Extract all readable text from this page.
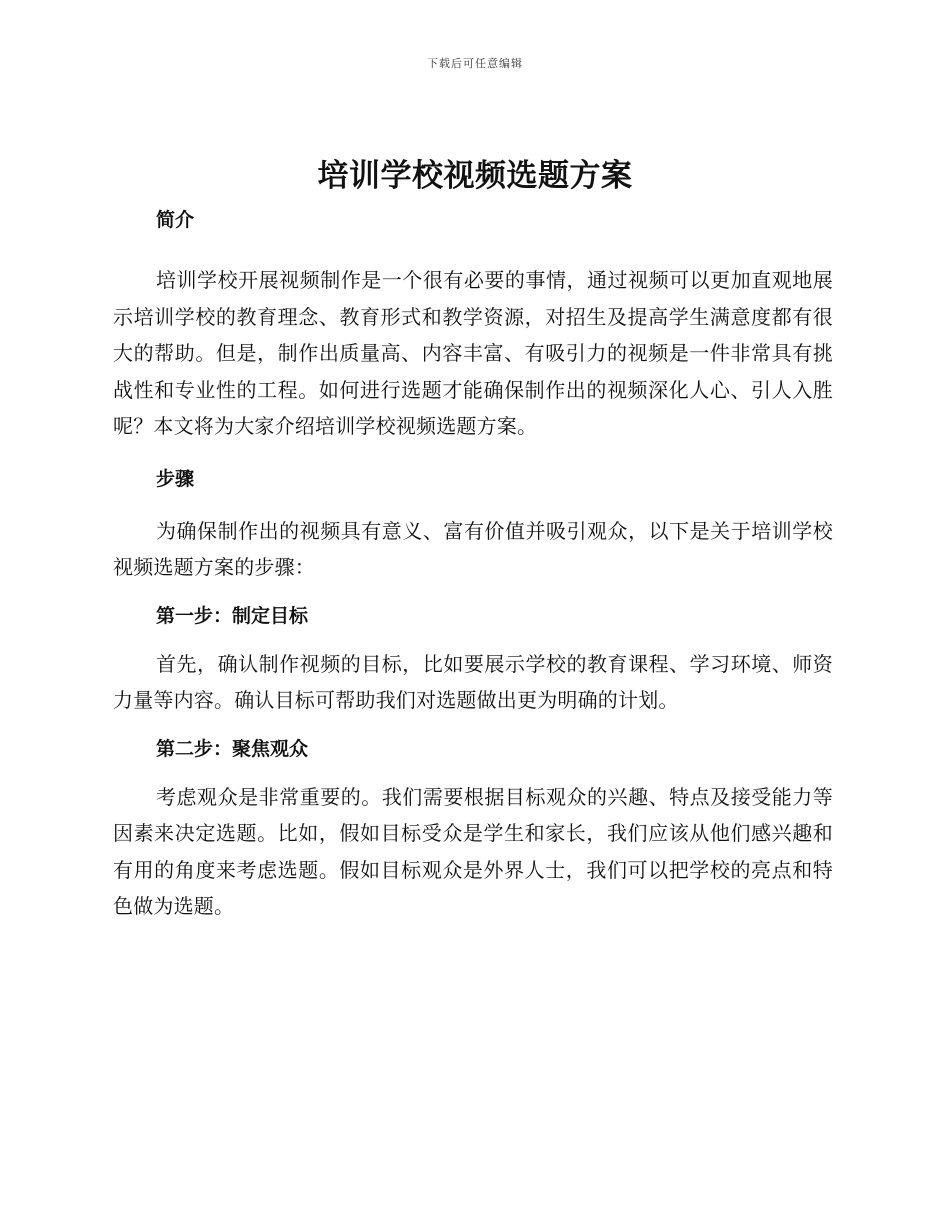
下载后可任意编辑
培训学校视频选题方案

简介

培训学校开展视频制作是一个很有必要的事情，通过视频可以更加直观地展示培训学校的教育理念、教育形式和教学资源，对招生及提高学生满意度都有很大的帮助。但是，制作出质量高、内容丰富、有吸引力的视频是一件非常具有挑战性和专业性的工程。如何进行选题才能确保制作出的视频深化人心、引人入胜呢？本文将为大家介绍培训学校视频选题方案。

步骤

为确保制作出的视频具有意义、富有价值并吸引观众，以下是关于培训学校视频选题方案的步骤：

第一步：制定目标

首先，确认制作视频的目标，比如要展示学校的教育课程、学习环境、师资力量等内容。确认目标可帮助我们对选题做出更为明确的计划。

第二步：聚焦观众

考虑观众是非常重要的。我们需要根据目标观众的兴趣、特点及接受能力等因素来决定选题。比如，假如目标受众是学生和家长，我们应该从他们感兴趣和有用的角度来考虑选题。假如目标观众是外界人士，我们可以把学校的亮点和特色做为选题。
